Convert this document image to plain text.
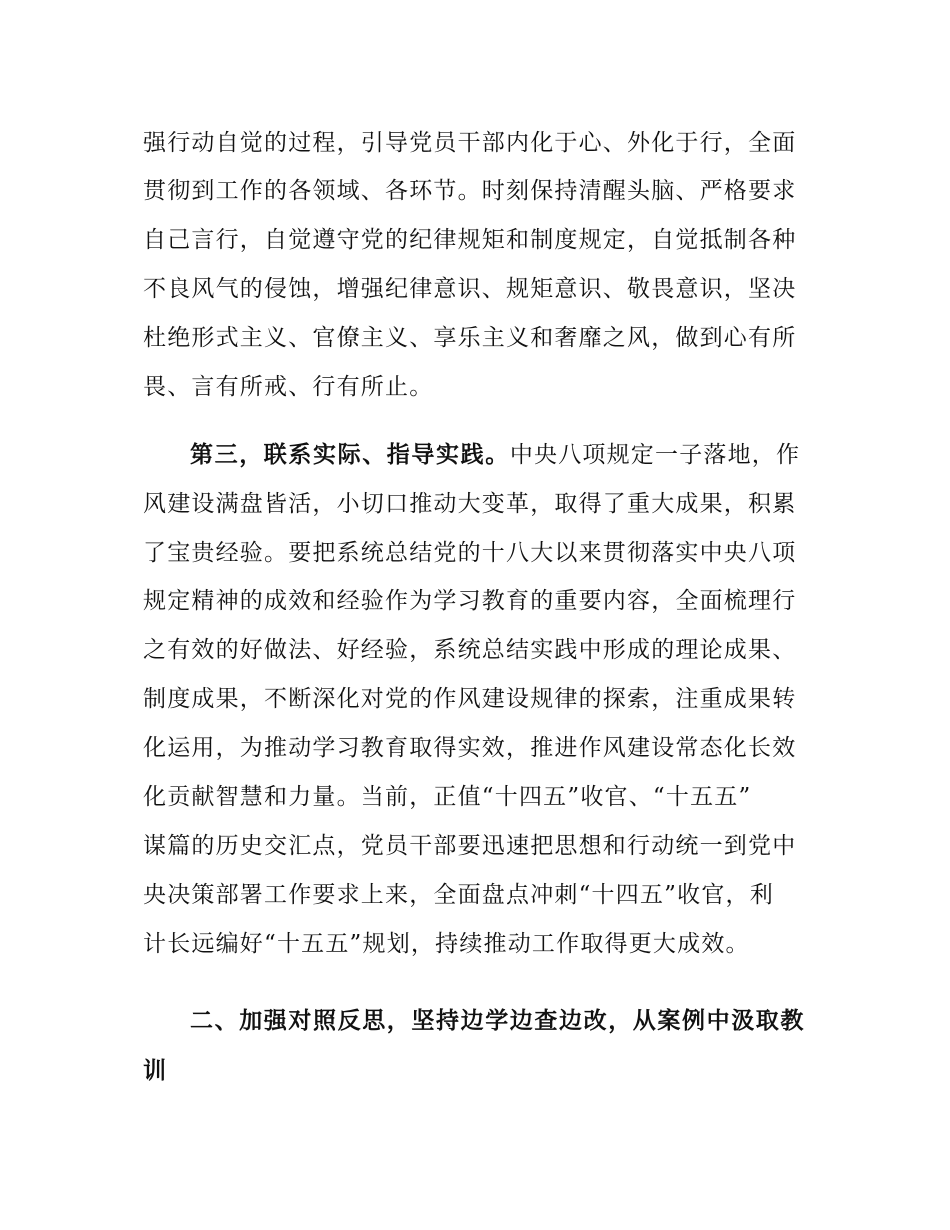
强行动自觉的过程，引导党员干部内化于心、外化于行，全面
贯彻到工作的各领域、各环节。时刻保持清醒头脑、严格要求
自己言行，自觉遵守党的纪律规矩和制度规定，自觉抵制各种
不良风气的侵蚀，增强纪律意识、规矩意识、敬畏意识，坚决
杜绝形式主义、官僚主义、享乐主义和奢靡之风，做到心有所
畏、言有所戒、行有所止。
第三，联系实际、指导实践。中央八项规定一子落地，作
风建设满盘皆活，小切口推动大变革，取得了重大成果，积累
了宝贵经验。要把系统总结党的十八大以来贯彻落实中央八项
规定精神的成效和经验作为学习教育的重要内容，全面梳理行
之有效的好做法、好经验，系统总结实践中形成的理论成果、
制度成果，不断深化对党的作风建设规律的探索，注重成果转
化运用，为推动学习教育取得实效，推进作风建设常态化长效
化贡献智慧和力量。当前，正值“十四五”收官、“十五五”
谋篇的历史交汇点，党员干部要迅速把思想和行动统一到党中
央决策部署工作要求上来，全面盘点冲刺“十四五”收官，利
计长远编好“十五五”规划，持续推动工作取得更大成效。
二、加强对照反思，坚持边学边查边改，从案例中汲取教
训
